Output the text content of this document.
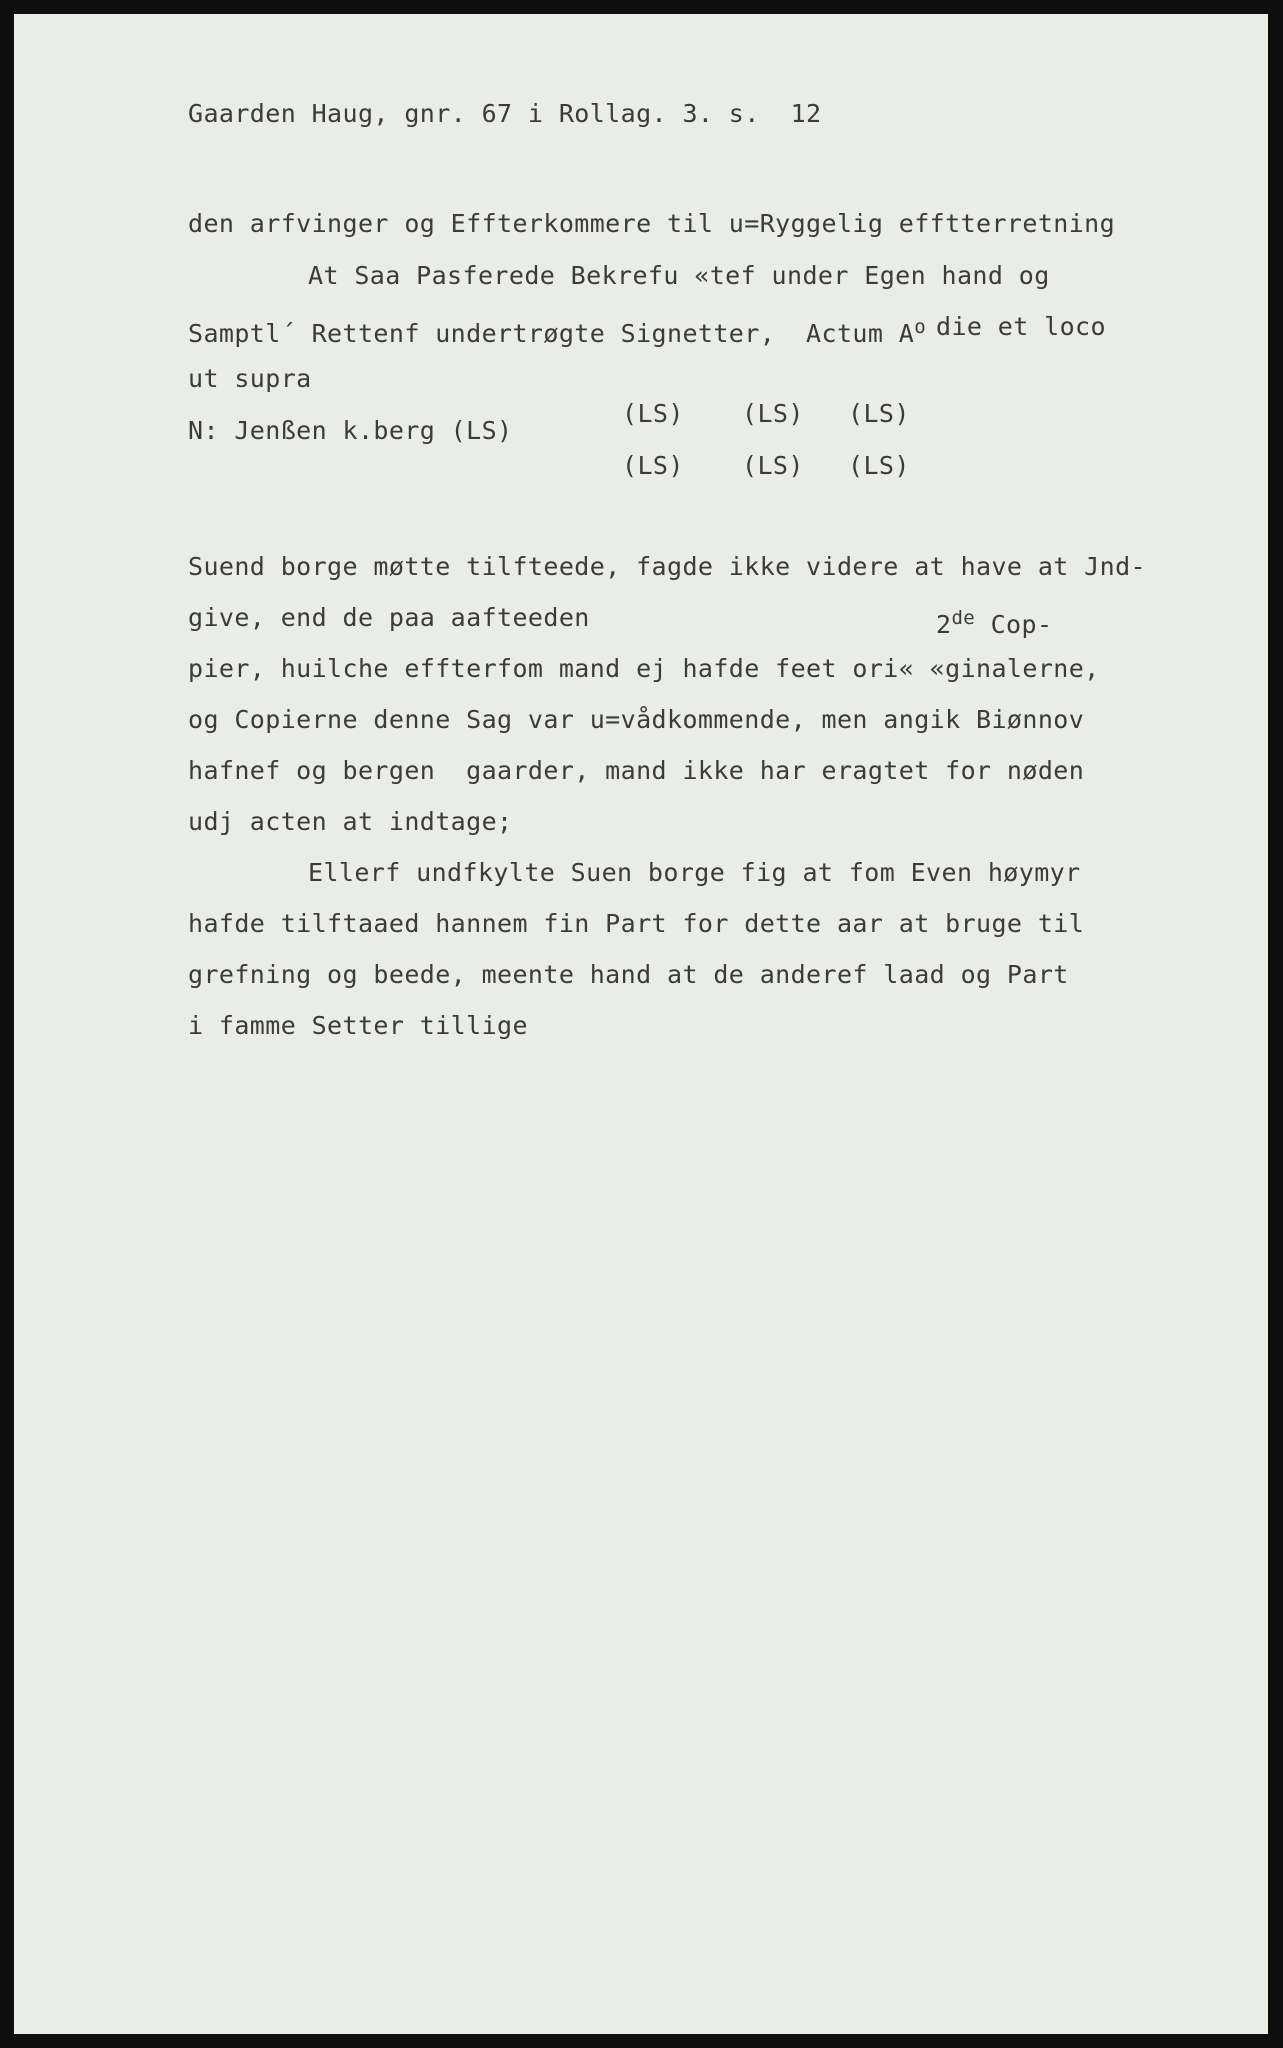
Gaarden Haug, gnr. 67 i Rollag. 3. s.  12
den arfvinger og Effterkommere til u=Ryggelig efftterretning
At Saa Pasferede Bekrefu «tef under Egen hand og
Samptl´ Rettenf undertrøgte Signetter,  Actum $A^o$ die et loco
ut supra
N: Jenßen k.berg (LS)
(LS) (LS) (LS)
(LS) (LS) (LS)
Suend borge møtte tilfteede, fagde ikke videre at have at Jnd-
give, end de paa aafteeden	2de Cop-
pier, huilche effterfom mand ej hafde feet ori« «ginalerne,
og Copierne denne Sag var u=vådkommende, men angik Biønnov
hafnef og bergen  gaarder, mand ikke har eragtet for nøden
udj acten at indtage;
Ellerf undfkylte Suen borge fig at fom Even høymyr
hafde tilftaaed hannem fin Part for dette aar at bruge til
grefning og beede, meente hand at de anderef laad og Part
i famme Setter tillige
